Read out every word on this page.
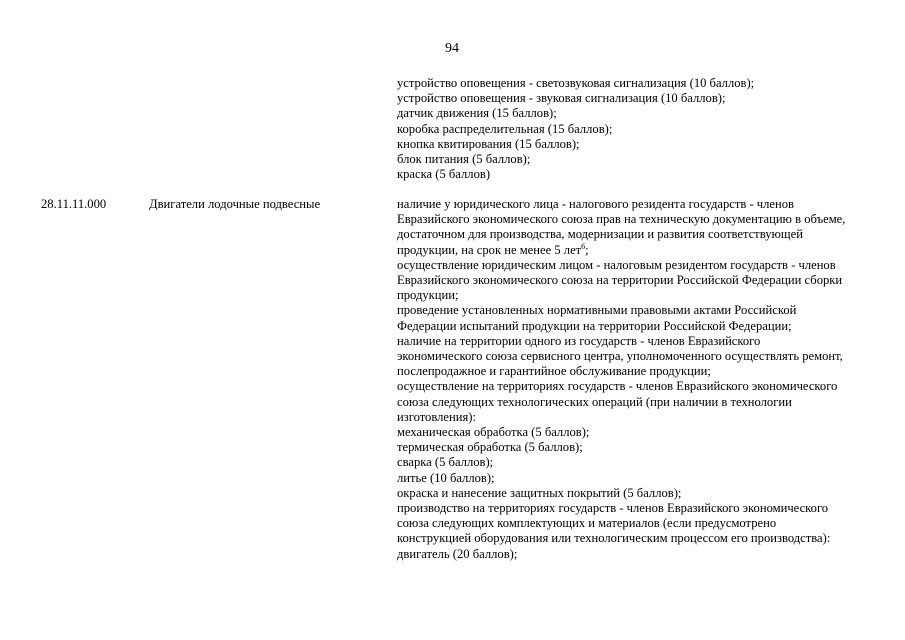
94
устройство оповещения - светозвуковая сигнализация (10 баллов);
устройство оповещения - звуковая сигнализация (10 баллов);
датчик движения (15 баллов);
коробка распределительная (15 баллов);
кнопка квитирования (15 баллов);
блок питания (5 баллов);
краска (5 баллов)
28.11.11.000	Двигатели лодочные подвесные	наличие у юридического лица - налогового резидента государств - членов
Евразийского экономического союза прав на техническую документацию в объеме,
достаточном для производства, модернизации и развития соответствующей
продукции, на срок не менее 5 лет$^6$;
осуществление юридическим лицом - налоговым резидентом государств - членов
Евразийского экономического союза на территории Российской Федерации сборки
продукции;
проведение установленных нормативными правовыми актами Российской
Федерации испытаний продукции на территории Российской Федерации;
наличие на территории одного из государств - членов Евразийского
экономического союза сервисного центра, уполномоченного осуществлять ремонт,
послепродажное и гарантийное обслуживание продукции;
осуществление на территориях государств - членов Евразийского экономического
союза следующих технологических операций (при наличии в технологии
изготовления):
механическая обработка (5 баллов);
термическая обработка (5 баллов);
сварка (5 баллов);
литье (10 баллов);
окраска и нанесение защитных покрытий (5 баллов);
производство на территориях государств - членов Евразийского экономического
союза следующих комплектующих и материалов (если предусмотрено
конструкцией оборудования или технологическим процессом его производства):
двигатель (20 баллов);
